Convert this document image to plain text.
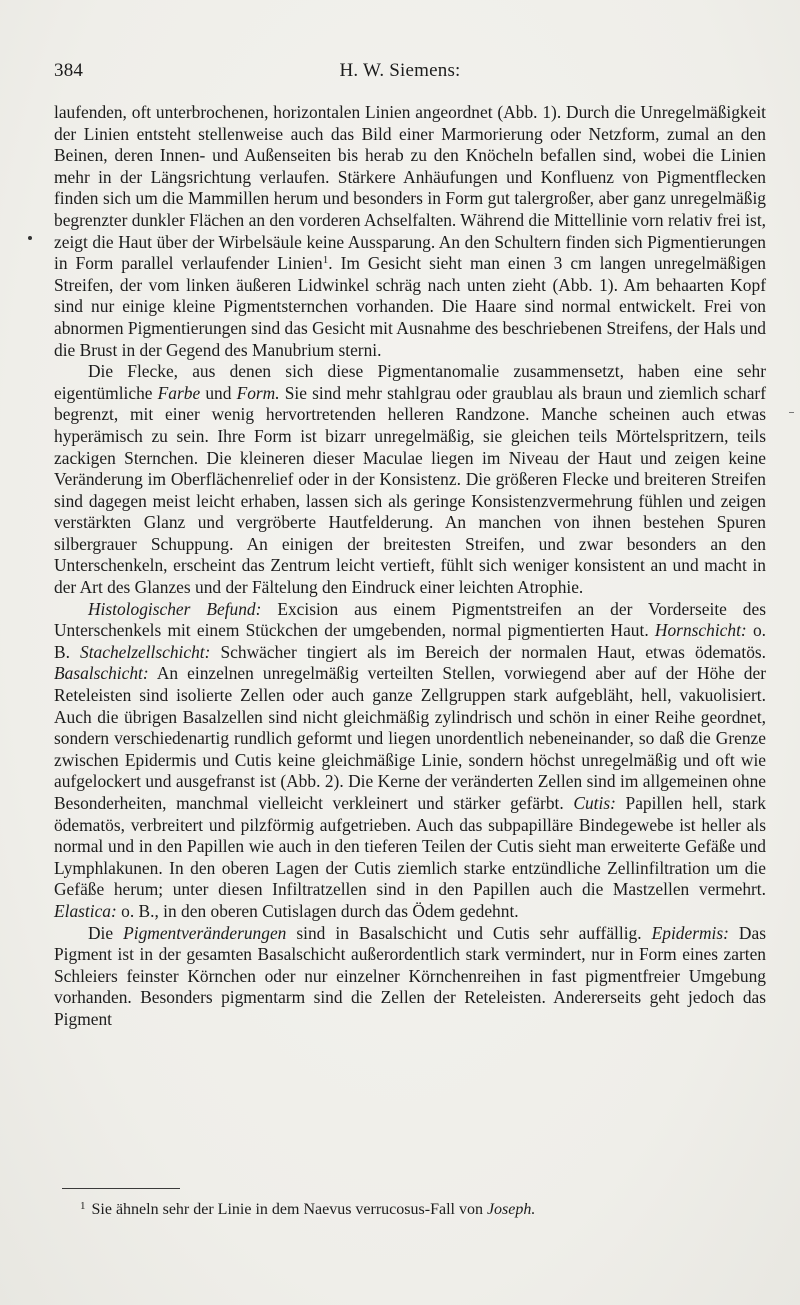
384	H. W. Siemens:

laufenden, oft unterbrochenen, horizontalen Linien angeordnet (Abb. 1). Durch die Unregelmäßigkeit der Linien entsteht stellenweise auch das Bild einer Marmorierung oder Netzform, zumal an den Beinen, deren Innen- und Außenseiten bis herab zu den Knöcheln befallen sind, wobei die Linien mehr in der Längsrichtung verlaufen. Stärkere Anhäufungen und Konfluenz von Pigmentflecken finden sich um die Mammillen herum und besonders in Form gut talergroßer, aber ganz unregelmäßig begrenzter dunkler Flächen an den vorderen Achselfalten. Während die Mittellinie vorn relativ frei ist, zeigt die Haut über der Wirbelsäule keine Aussparung. An den Schultern finden sich Pigmentierungen in Form parallel verlaufender Linien$^1$. Im Gesicht sieht man einen 3 cm langen unregelmäßigen Streifen, der vom linken äußeren Lidwinkel schräg nach unten zieht (Abb. 1). Am behaarten Kopf sind nur einige kleine Pigmentsternchen vorhanden. Die Haare sind normal entwickelt. Frei von abnormen Pigmentierungen sind das Gesicht mit Ausnahme des beschriebenen Streifens, der Hals und die Brust in der Gegend des Manubrium sterni.

Die Flecke, aus denen sich diese Pigmentanomalie zusammensetzt, haben eine sehr eigentümliche Farbe und Form. Sie sind mehr stahlgrau oder graublau als braun und ziemlich scharf begrenzt, mit einer wenig hervortretenden helleren Randzone. Manche scheinen auch etwas hyperämisch zu sein. Ihre Form ist bizarr unregelmäßig, sie gleichen teils Mörtelspritzern, teils zackigen Sternchen. Die kleineren dieser Maculae liegen im Niveau der Haut und zeigen keine Veränderung im Oberflächenrelief oder in der Konsistenz. Die größeren Flecke und breiteren Streifen sind dagegen meist leicht erhaben, lassen sich als geringe Konsistenzvermehrung fühlen und zeigen verstärkten Glanz und vergröberte Hautfelderung. An manchen von ihnen bestehen Spuren silbergrauer Schuppung. An einigen der breitesten Streifen, und zwar besonders an den Unterschenkeln, erscheint das Zentrum leicht vertieft, fühlt sich weniger konsistent an und macht in der Art des Glanzes und der Fältelung den Eindruck einer leichten Atrophie.

Histologischer Befund: Excision aus einem Pigmentstreifen an der Vorderseite des Unterschenkels mit einem Stückchen der umgebenden, normal pigmentierten Haut. Hornschicht: o. B. Stachelzellschicht: Schwächer tingiert als im Bereich der normalen Haut, etwas ödematös. Basalschicht: An einzelnen unregelmäßig verteilten Stellen, vorwiegend aber auf der Höhe der Reteleisten sind isolierte Zellen oder auch ganze Zellgruppen stark aufgebläht, hell, vakuolisiert. Auch die übrigen Basalzellen sind nicht gleichmäßig zylindrisch und schön in einer Reihe geordnet, sondern verschiedenartig rundlich geformt und liegen unordentlich nebeneinander, so daß die Grenze zwischen Epidermis und Cutis keine gleichmäßige Linie, sondern höchst unregelmäßig und oft wie aufgelockert und ausgefranst ist (Abb. 2). Die Kerne der veränderten Zellen sind im allgemeinen ohne Besonderheiten, manchmal vielleicht verkleinert und stärker gefärbt. Cutis: Papillen hell, stark ödematös, verbreitert und pilzförmig aufgetrieben. Auch das subpapilläre Bindegewebe ist heller als normal und in den Papillen wie auch in den tieferen Teilen der Cutis sieht man erweiterte Gefäße und Lymphlakunen. In den oberen Lagen der Cutis ziemlich starke entzündliche Zellinfiltration um die Gefäße herum; unter diesen Infiltratzellen sind in den Papillen auch die Mastzellen vermehrt. Elastica: o. B., in den oberen Cutislagen durch das Ödem gedehnt.

Die Pigmentveränderungen sind in Basalschicht und Cutis sehr auffällig. Epidermis: Das Pigment ist in der gesamten Basalschicht außerordentlich stark vermindert, nur in Form eines zarten Schleiers feinster Körnchen oder nur einzelner Körnchenreihen in fast pigmentfreier Umgebung vorhanden. Besonders pigmentarm sind die Zellen der Reteleisten. Andererseits geht jedoch das Pigment

$^1$ Sie ähneln sehr der Linie in dem Naevus verrucosus-Fall von Joseph.
